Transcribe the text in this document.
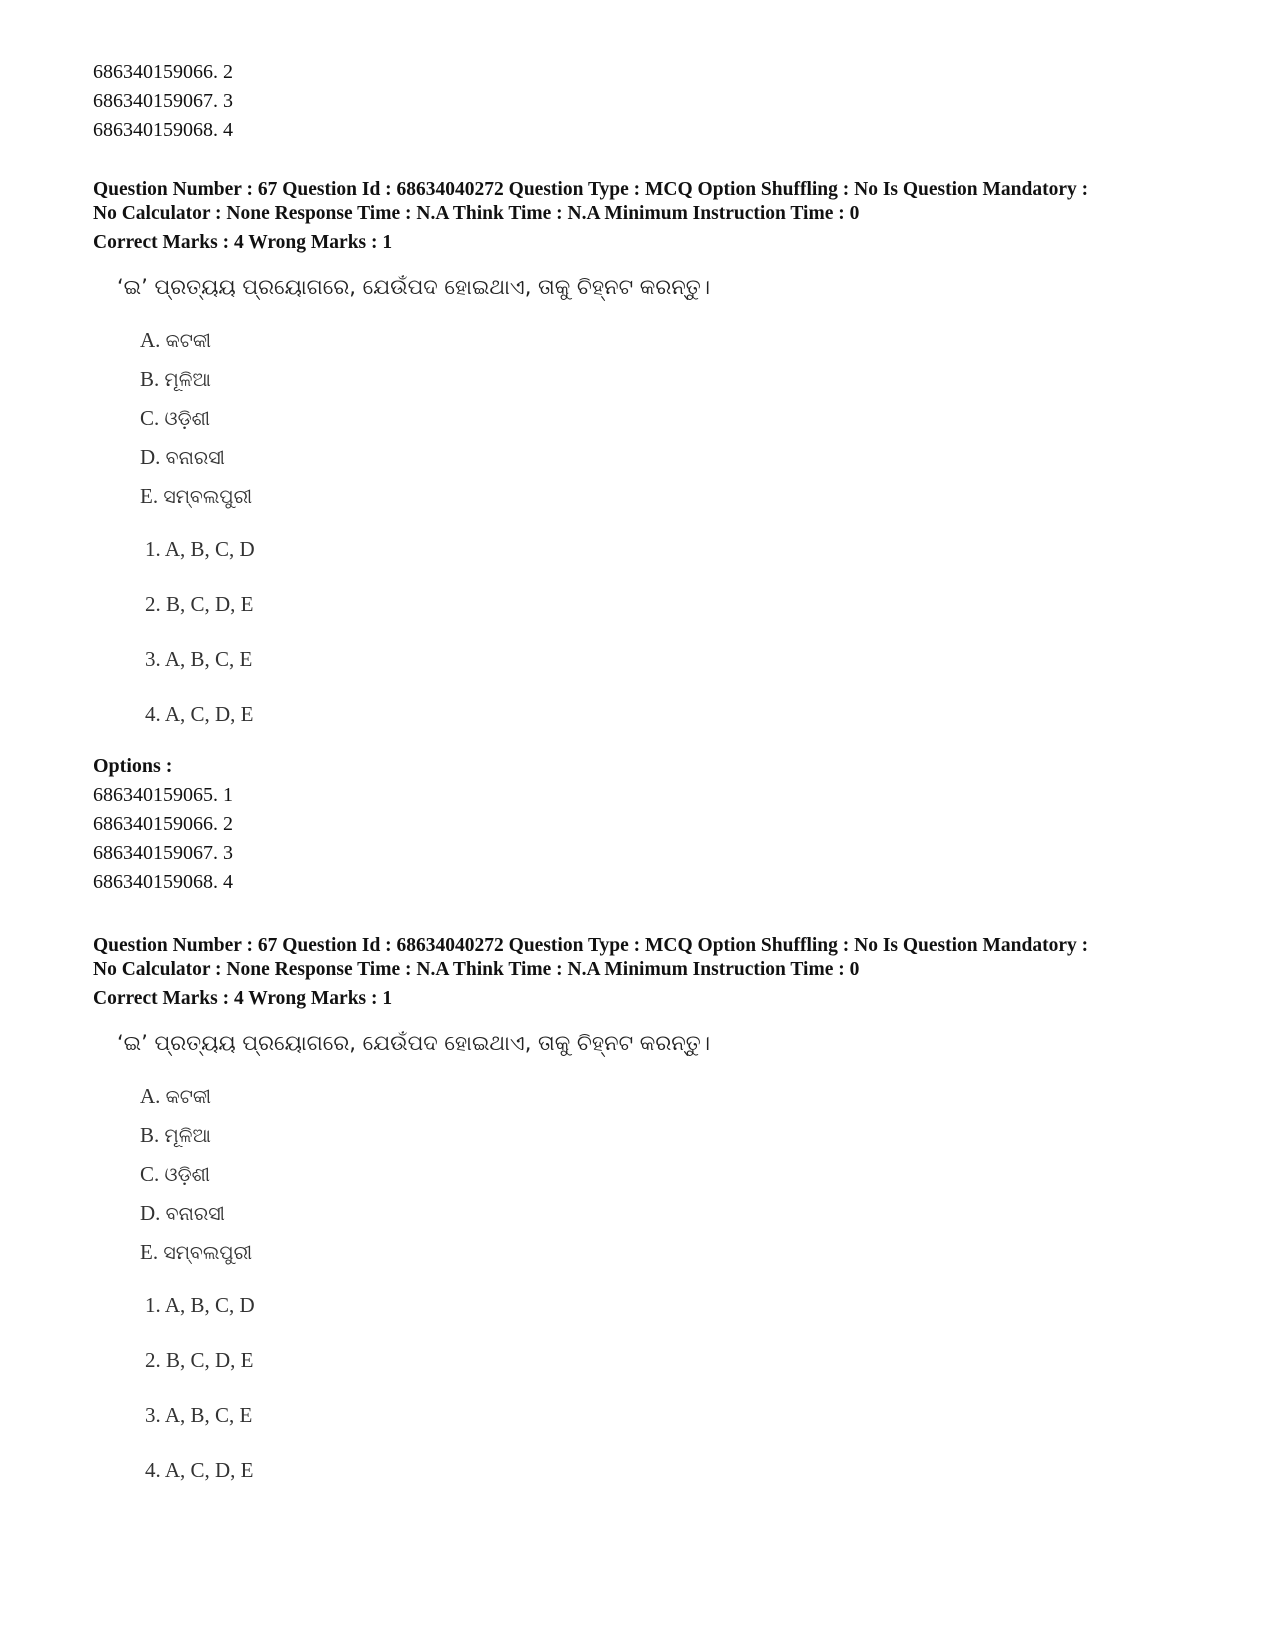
686340159066. 2
686340159067. 3
686340159068. 4
Question Number : 67 Question Id : 68634040272 Question Type : MCQ Option Shuffling : No Is Question Mandatory :
No Calculator : None Response Time : N.A Think Time : N.A Minimum Instruction Time : 0
Correct Marks : 4 Wrong Marks : 1
‘ଇ’ ପ୍ରତ୍ୟୟ ପ୍ରୟୋଗରେ, ଯେଉଁପଦ ହୋଇଥାଏ, ତାକୁ ଚିହ୍ନଟ କରନ୍ତୁ।
A. କଟକୀ
B. ମୂଳିଆ
C. ଓଡ଼ିଶୀ
D. ବନାରସୀ
E. ସମ୍ବଲପୁରୀ
1. A, B, C, D
2. B, C, D, E
3. A, B, C, E
4. A, C, D, E
Options :
686340159065. 1
686340159066. 2
686340159067. 3
686340159068. 4
Question Number : 67 Question Id : 68634040272 Question Type : MCQ Option Shuffling : No Is Question Mandatory :
No Calculator : None Response Time : N.A Think Time : N.A Minimum Instruction Time : 0
Correct Marks : 4 Wrong Marks : 1
‘ଇ’ ପ୍ରତ୍ୟୟ ପ୍ରୟୋଗରେ, ଯେଉଁପଦ ହୋଇଥାଏ, ତାକୁ ଚିହ୍ନଟ କରନ୍ତୁ।
A. କଟକୀ
B. ମୂଳିଆ
C. ଓଡ଼ିଶୀ
D. ବନାରସୀ
E. ସମ୍ବଲପୁରୀ
1. A, B, C, D
2. B, C, D, E
3. A, B, C, E
4. A, C, D, E
